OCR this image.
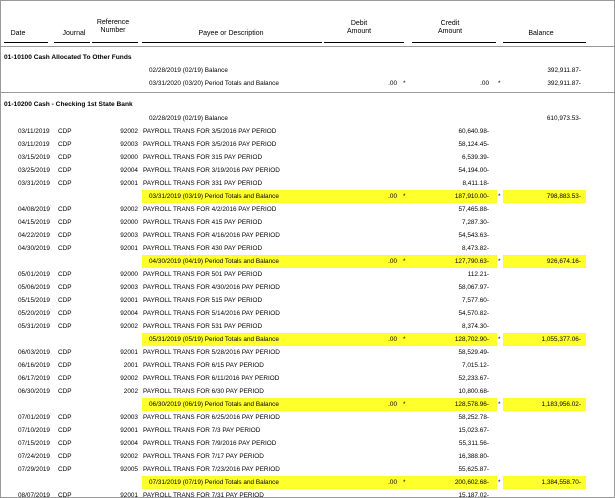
Date	Journal
Reference
Number	Payee or Description
Debit
Amount
Credit
Amount	Balance
01-10100 Cash Allocated To Other Funds
02/28/2019 (02/19) Balance	392,911.87-
03/31/2020 (03/20) Period Totals and Balance	.00 *	.00 *	392,911.87-
01-10200 Cash - Checking 1st State Bank
02/28/2019 (02/19) Balance	610,973.53-
03/11/2019 CDP	92002 PAYROLL TRANS FOR 3/5/2016 PAY PERIOD	60,640.98-
03/11/2019 CDP	92003 PAYROLL TRANS FOR 3/5/2016 PAY PERIOD	58,124.45-
03/15/2019 CDP	92000 PAYROLL TRANS FOR 315 PAY PERIOD	6,539.39-
03/25/2019 CDP	92004 PAYROLL TRANS FOR 3/19/2016 PAY PERIOD	54,194.00-
03/31/2019 CDP	92001 PAYROLL TRANS FOR 331 PAY PERIOD	8,411.18-
03/31/2019 (03/19) Period Totals and Balance	.00 *	187,910.00- *	798,883.53-
04/08/2019 CDP	92002 PAYROLL TRANS FOR 4/2/2016 PAY PERIOD	57,465.88-
04/15/2019 CDP	92000 PAYROLL TRANS FOR 415 PAY PERIOD	7,287.30-
04/22/2019 CDP	92003 PAYROLL TRANS FOR 4/16/2016 PAY PERIOD	54,543.63-
04/30/2019 CDP	92001 PAYROLL TRANS FOR 430 PAY PERIOD	8,473.82-
04/30/2019 (04/19) Period Totals and Balance	.00 *	127,790.63- *	926,674.16-
05/01/2019 CDP	92000 PAYROLL TRANS FOR 501 PAY PERIOD	112.21-
05/06/2019 CDP	92003 PAYROLL TRANS FOR 4/30/2016 PAY PERIOD	58,067.97-
05/15/2019 CDP	92001 PAYROLL TRANS FOR 515 PAY PERIOD	7,577.60-
05/20/2019 CDP	92004 PAYROLL TRANS FOR 5/14/2016 PAY PERIOD	54,570.82-
05/31/2019 CDP	92002 PAYROLL TRANS FOR 531 PAY PERIOD	8,374.30-
05/31/2019 (05/19) Period Totals and Balance	.00 *	128,702.90- *	1,055,377.06-
06/03/2019 CDP	92001 PAYROLL TRANS FOR 5/28/2016 PAY PERIOD	58,529.49-
06/16/2019 CDP	2001 PAYROLL TRANS FOR 6/15 PAY PERIOD	7,015.12-
06/17/2019 CDP	92002 PAYROLL TRANS FOR 6/11/2016 PAY PERIOD	52,233.67-
06/30/2019 CDP	2002 PAYROLL TRANS FOR 6/30 PAY PERIOD	10,800.68-
06/30/2019 (06/19) Period Totals and Balance	.00 *	128,578.96- *	1,183,956.02-
07/01/2019 CDP	92003 PAYROLL TRANS FOR 6/25/2016 PAY PERIOD	58,252.78-
07/10/2019 CDP	92001 PAYROLL TRANS FOR 7/3 PAY PERIOD	15,023.67-
07/15/2019 CDP	92004 PAYROLL TRANS FOR 7/9/2016 PAY PERIOD	55,311.56-
07/24/2019 CDP	92002 PAYROLL TRANS FOR 7/17 PAY PERIOD	16,388.80-
07/29/2019 CDP	92005 PAYROLL TRANS FOR 7/23/2016 PAY PERIOD	55,625.87-
07/31/2019 (07/19) Period Totals and Balance	.00 *	200,602.68- *	1,384,558.70-
08/07/2019 CDP	92001 PAYROLL TRANS FOR 7/31 PAY PERIOD	15,187.02-
